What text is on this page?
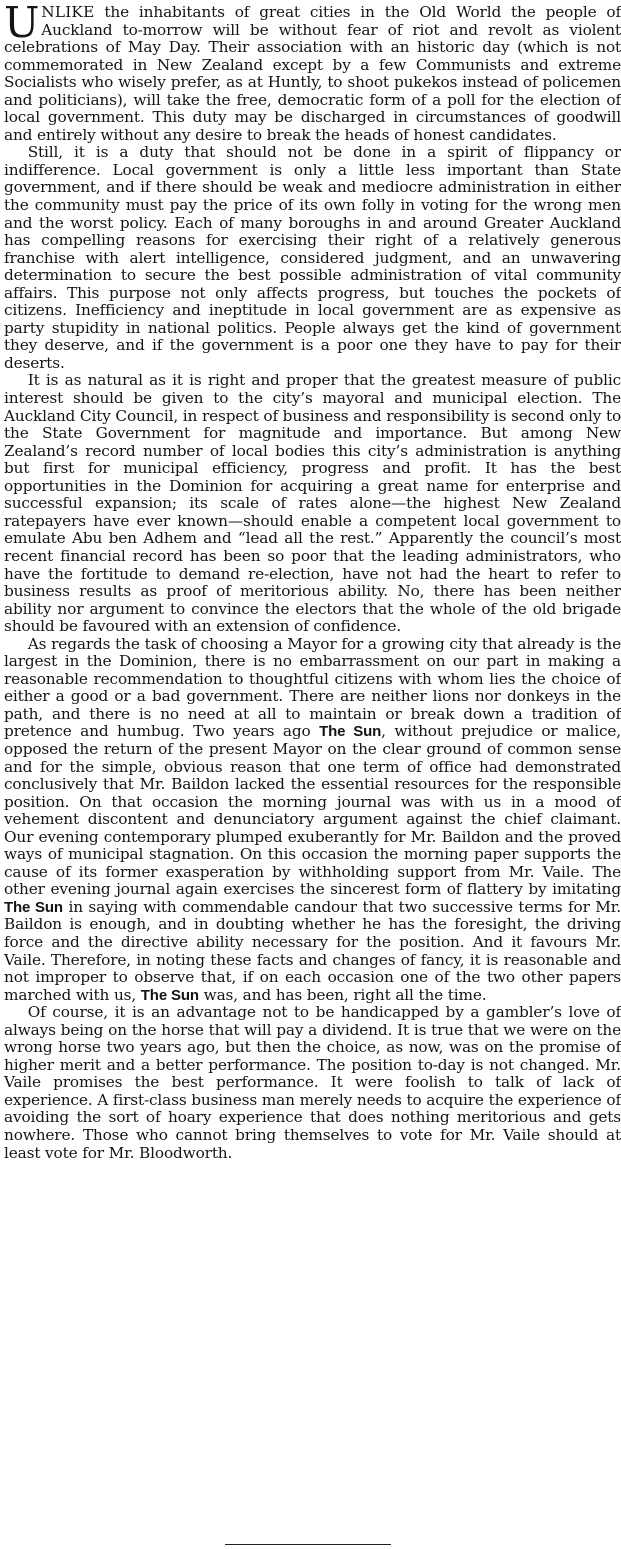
UNLIKE the inhabitants of great cities in the Old World the people of Auckland to-morrow will be without fear of riot and revolt as violent celebrations of May Day. Their association with an historic day (which is not commemorated in New Zealand except by a few Communists and extreme Socialists who wisely prefer, as at Huntly, to shoot pukekos instead of policemen and politicians), will take the free, democratic form of a poll for the election of local government. This duty may be discharged in circumstances of goodwill and entirely without any desire to break the heads of honest candidates.

Still, it is a duty that should not be done in a spirit of flippancy or indifference. Local government is only a little less important than State government, and if there should be weak and mediocre administration in either the community must pay the price of its own folly in voting for the wrong men and the worst policy. Each of many boroughs in and around Greater Auckland has compelling reasons for exercising their right of a relatively generous franchise with alert intelligence, considered judgment, and an unwavering determination to secure the best possible administration of vital community affairs. This purpose not only affects progress, but touches the pockets of citizens. Inefficiency and ineptitude in local government are as expensive as party stupidity in national politics. People always get the kind of government they deserve, and if the government is a poor one they have to pay for their deserts.

It is as natural as it is right and proper that the greatest measure of public interest should be given to the city’s mayoral and municipal election. The Auckland City Council, in respect of business and responsibility is second only to the State Government for magnitude and importance. But among New Zealand’s record number of local bodies this city’s administration is anything but first for municipal efficiency, progress and profit. It has the best opportunities in the Dominion for acquiring a great name for enterprise and successful expansion; its scale of rates alone—the highest New Zealand ratepayers have ever known—should enable a competent local government to emulate Abu ben Adhem and “lead all the rest.” Apparently the council’s most recent financial record has been so poor that the leading administrators, who have the fortitude to demand re-election, have not had the heart to refer to business results as proof of meritorious ability. No, there has been neither ability nor argument to convince the electors that the whole of the old brigade should be favoured with an extension of confidence.

As regards the task of choosing a Mayor for a growing city that already is the largest in the Dominion, there is no embarrassment on our part in making a reasonable recommendation to thoughtful citizens with whom lies the choice of either a good or a bad government. There are neither lions nor donkeys in the path, and there is no need at all to maintain or break down a tradition of pretence and humbug. Two years ago The Sun, without prejudice or malice, opposed the return of the present Mayor on the clear ground of common sense and for the simple, obvious reason that one term of office had demonstrated conclusively that Mr. Baildon lacked the essential resources for the responsible position. On that occasion the morning journal was with us in a mood of vehement discontent and denunciatory argument against the chief claimant. Our evening contemporary plumped exuberantly for Mr. Baildon and the proved ways of municipal stagnation. On this occasion the morning paper supports the cause of its former exasperation by withholding support from Mr. Vaile. The other evening journal again exercises the sincerest form of flattery by imitating The Sun in saying with commendable candour that two successive terms for Mr. Baildon is enough, and in doubting whether he has the foresight, the driving force and the directive ability necessary for the position. And it favours Mr. Vaile. Therefore, in noting these facts and changes of fancy, it is reasonable and not improper to observe that, if on each occasion one of the two other papers marched with us, The Sun was, and has been, right all the time.

Of course, it is an advantage not to be handicapped by a gambler’s love of always being on the horse that will pay a dividend. It is true that we were on the wrong horse two years ago, but then the choice, as now, was on the promise of higher merit and a better performance. The position to-day is not changed. Mr. Vaile promises the best performance. It were foolish to talk of lack of experience. A first-class business man merely needs to acquire the experience of avoiding the sort of hoary experience that does nothing meritorious and gets nowhere. Those who cannot bring themselves to vote for Mr. Vaile should at least vote for Mr. Bloodworth.
